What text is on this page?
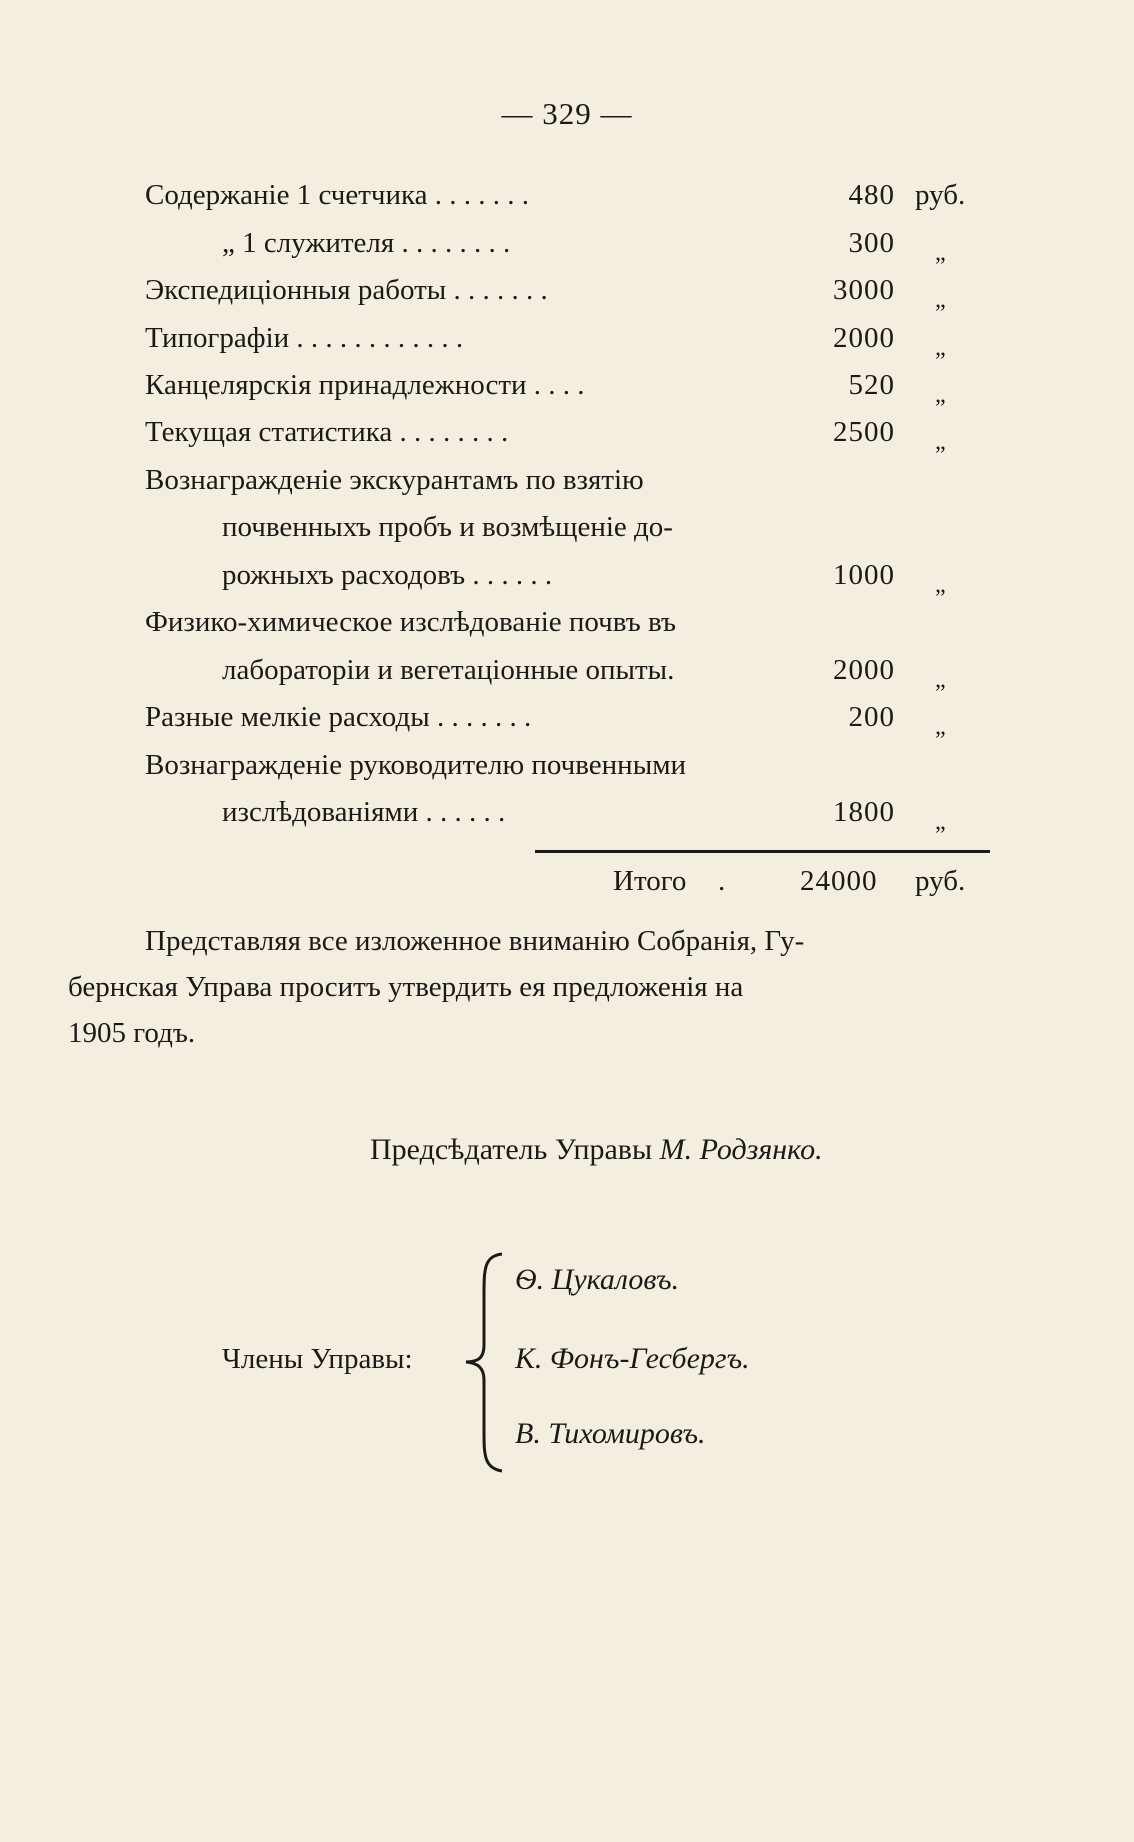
— 329 —
Содержаніе 1 счетчика . . . . . . .	480 руб.
„ 1 служителя . . . . . . . .	300 „
Экспедиціонныя работы . . . . . . .	3000 „
Типографіи . . . . . . . . . . . .	2000 „
Канцелярскія принадлежности . . . .	520 „
Текущая статистика . . . . . . . .	2500 „
Вознагражденіе экскурантамъ по взятію
почвенныхъ пробъ и возмѣщеніе до-
рожныхъ расходовъ . . . . . .	1000 „
Физико-химическое изслѣдованіе почвъ въ
лабораторіи и вегетаціонные опыты.	2000 „
Разные мелкіе расходы . . . . . . .	200 „
Вознагражденіе руководителю почвенными
изслѣдованіями . . . . . .	1800 „
Итого .	24000 руб.
Представляя все изложенное вниманію Собранія, Гу-
бернская Управа проситъ утвердить ея предложенія на
1905 годъ.
Предсѣдатель Управы М. Родзянко.
Члены Управы:
Ѳ. Цукаловъ.
К. Фонъ-Гесбергъ.
В. Тихомировъ.
